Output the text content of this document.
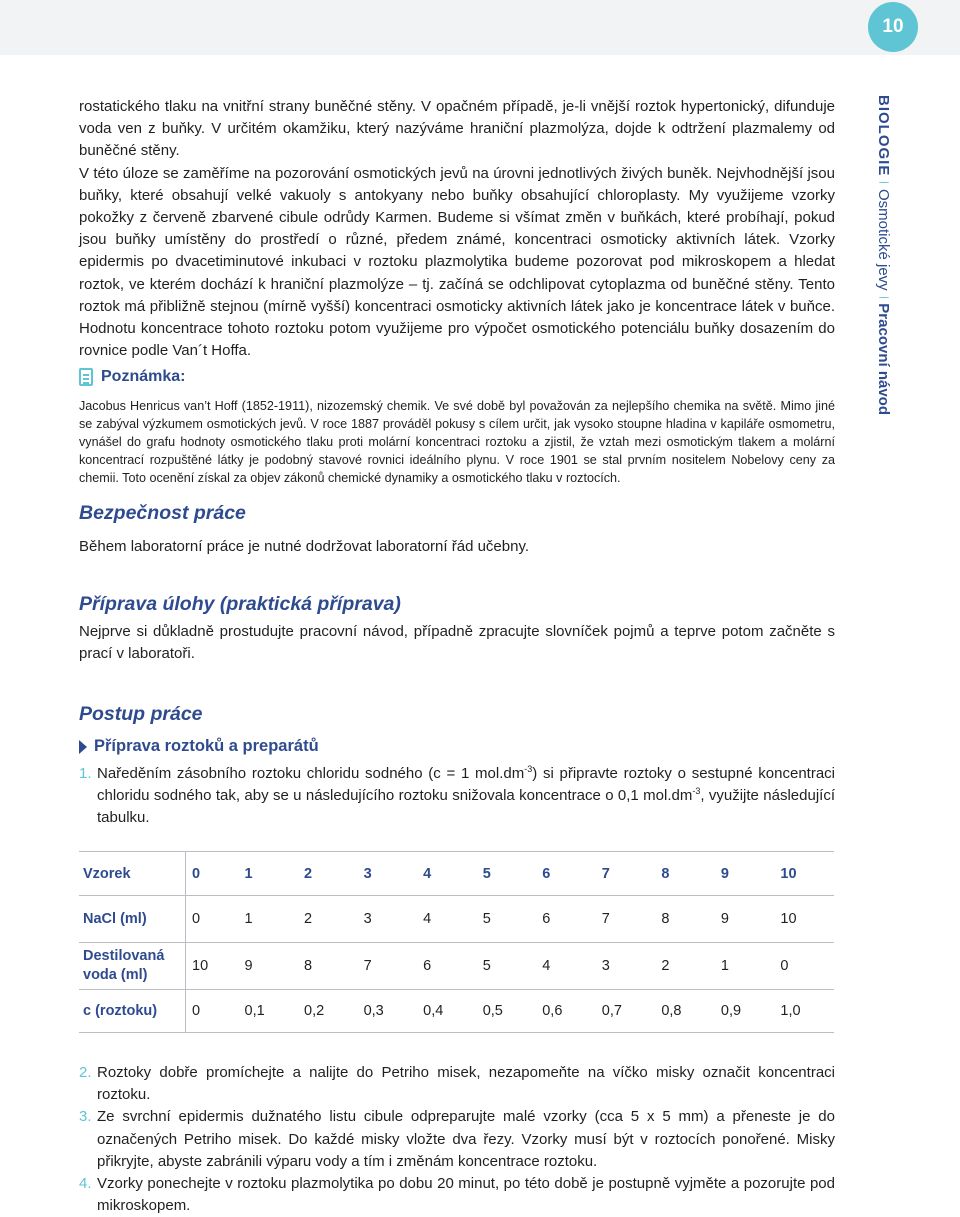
10
BIOLOGIE
Osmotické jevy
Pracovní návod

rostatického tlaku na vnitřní strany buněčné stěny. V opačném případě, je-li vnější roztok hypertonický, difunduje voda ven z buňky. V určitém okamžiku, který nazýváme hraniční plazmolýza, dojde k odtržení plazmalemy od buněčné stěny.

V této úloze se zaměříme na pozorování osmotických jevů na úrovni jednotlivých živých buněk. Nejvhodnější jsou buňky, které obsahují velké vakuoly s antokyany nebo buňky obsahující chloroplasty. My využijeme vzorky pokožky z červeně zbarvené cibule odrůdy Karmen. Budeme si všímat změn v buňkách, které probíhají, pokud jsou buňky umístěny do prostředí o různé, předem známé, koncentraci osmoticky aktivních látek. Vzorky epidermis po dvacetiminutové inkubaci v roztoku plazmolytika budeme pozorovat pod mikroskopem a hledat roztok, ve kterém dochází k hraniční plazmolýze – tj. začíná se odchlipovat cytoplazma od buněčné stěny. Tento roztok má přibližně stejnou (mírně vyšší) koncentraci osmoticky aktivních látek jako je koncentrace látek v buňce. Hodnotu koncentrace tohoto roztoku potom využijeme pro výpočet osmotického potenciálu buňky dosazením do rovnice podle Van´t Hoffa.

Poznámka:

Jacobus Henricus van’t Hoff (1852-1911), nizozemský chemik. Ve své době byl považován za nejlepšího chemika na světě. Mimo jiné se zabýval výzkumem osmotických jevů. V roce 1887 prováděl pokusy s cílem určit, jak vysoko stoupne hladina v kapiláře osmometru, vynášel do grafu hodnoty osmotického tlaku proti molární koncentraci roztoku a zjistil, že vztah mezi osmotickým tlakem a molární koncentrací rozpuštěné látky je podobný stavové rovnici ideálního plynu. V roce 1901 se stal prvním nositelem Nobelovy ceny za chemii. Toto ocenění získal za objev zákonů chemické dynamiky a osmotického tlaku v roztocích.

Bezpečnost práce

Během laboratorní práce je nutné dodržovat laboratorní řád učebny.

Příprava úlohy (praktická příprava)

Nejprve si důkladně prostudujte pracovní návod, případně zpracujte slovníček pojmů a teprve potom začněte s prací v laboratoři.

Postup práce
Příprava roztoků a preparátů
1. Naředěním zásobního roztoku chloridu sodného (c = 1 $mol.dm^{-3}$) si připravte roztoky o sestupné koncentraci chloridu sodného tak, aby se u následujícího roztoku snižovala koncentrace o 0,1 $mol.dm^{-3}$, využijte následující tabulku.
Vzorek	0	1	2	3	4	5	6	7	8	9	10
NaCl (ml)	0	1	2	3	4	5	6	7	8	9	10
Destilovaná voda (ml)	10	9	8	7	6	5	4	3	2	1	0
c (roztoku)	0	0,1	0,2	0,3	0,4	0,5	0,6	0,7	0,8	0,9	1,0
2. Roztoky dobře promíchejte a nalijte do Petriho misek, nezapomeňte na víčko misky označit koncentraci roztoku.
3. Ze svrchní epidermis dužnatého listu cibule odpreparujte malé vzorky (cca 5 x 5 mm) a přeneste je do označených Petriho misek. Do každé misky vložte dva řezy. Vzorky musí být v roztocích ponořené. Misky přikryjte, abyste zabránili výparu vody a tím i změnám koncentrace roztoku.
4. Vzorky ponechejte v roztoku plazmolytika po dobu 20 minut, po této době je postupně vyjměte a pozorujte pod mikroskopem.
